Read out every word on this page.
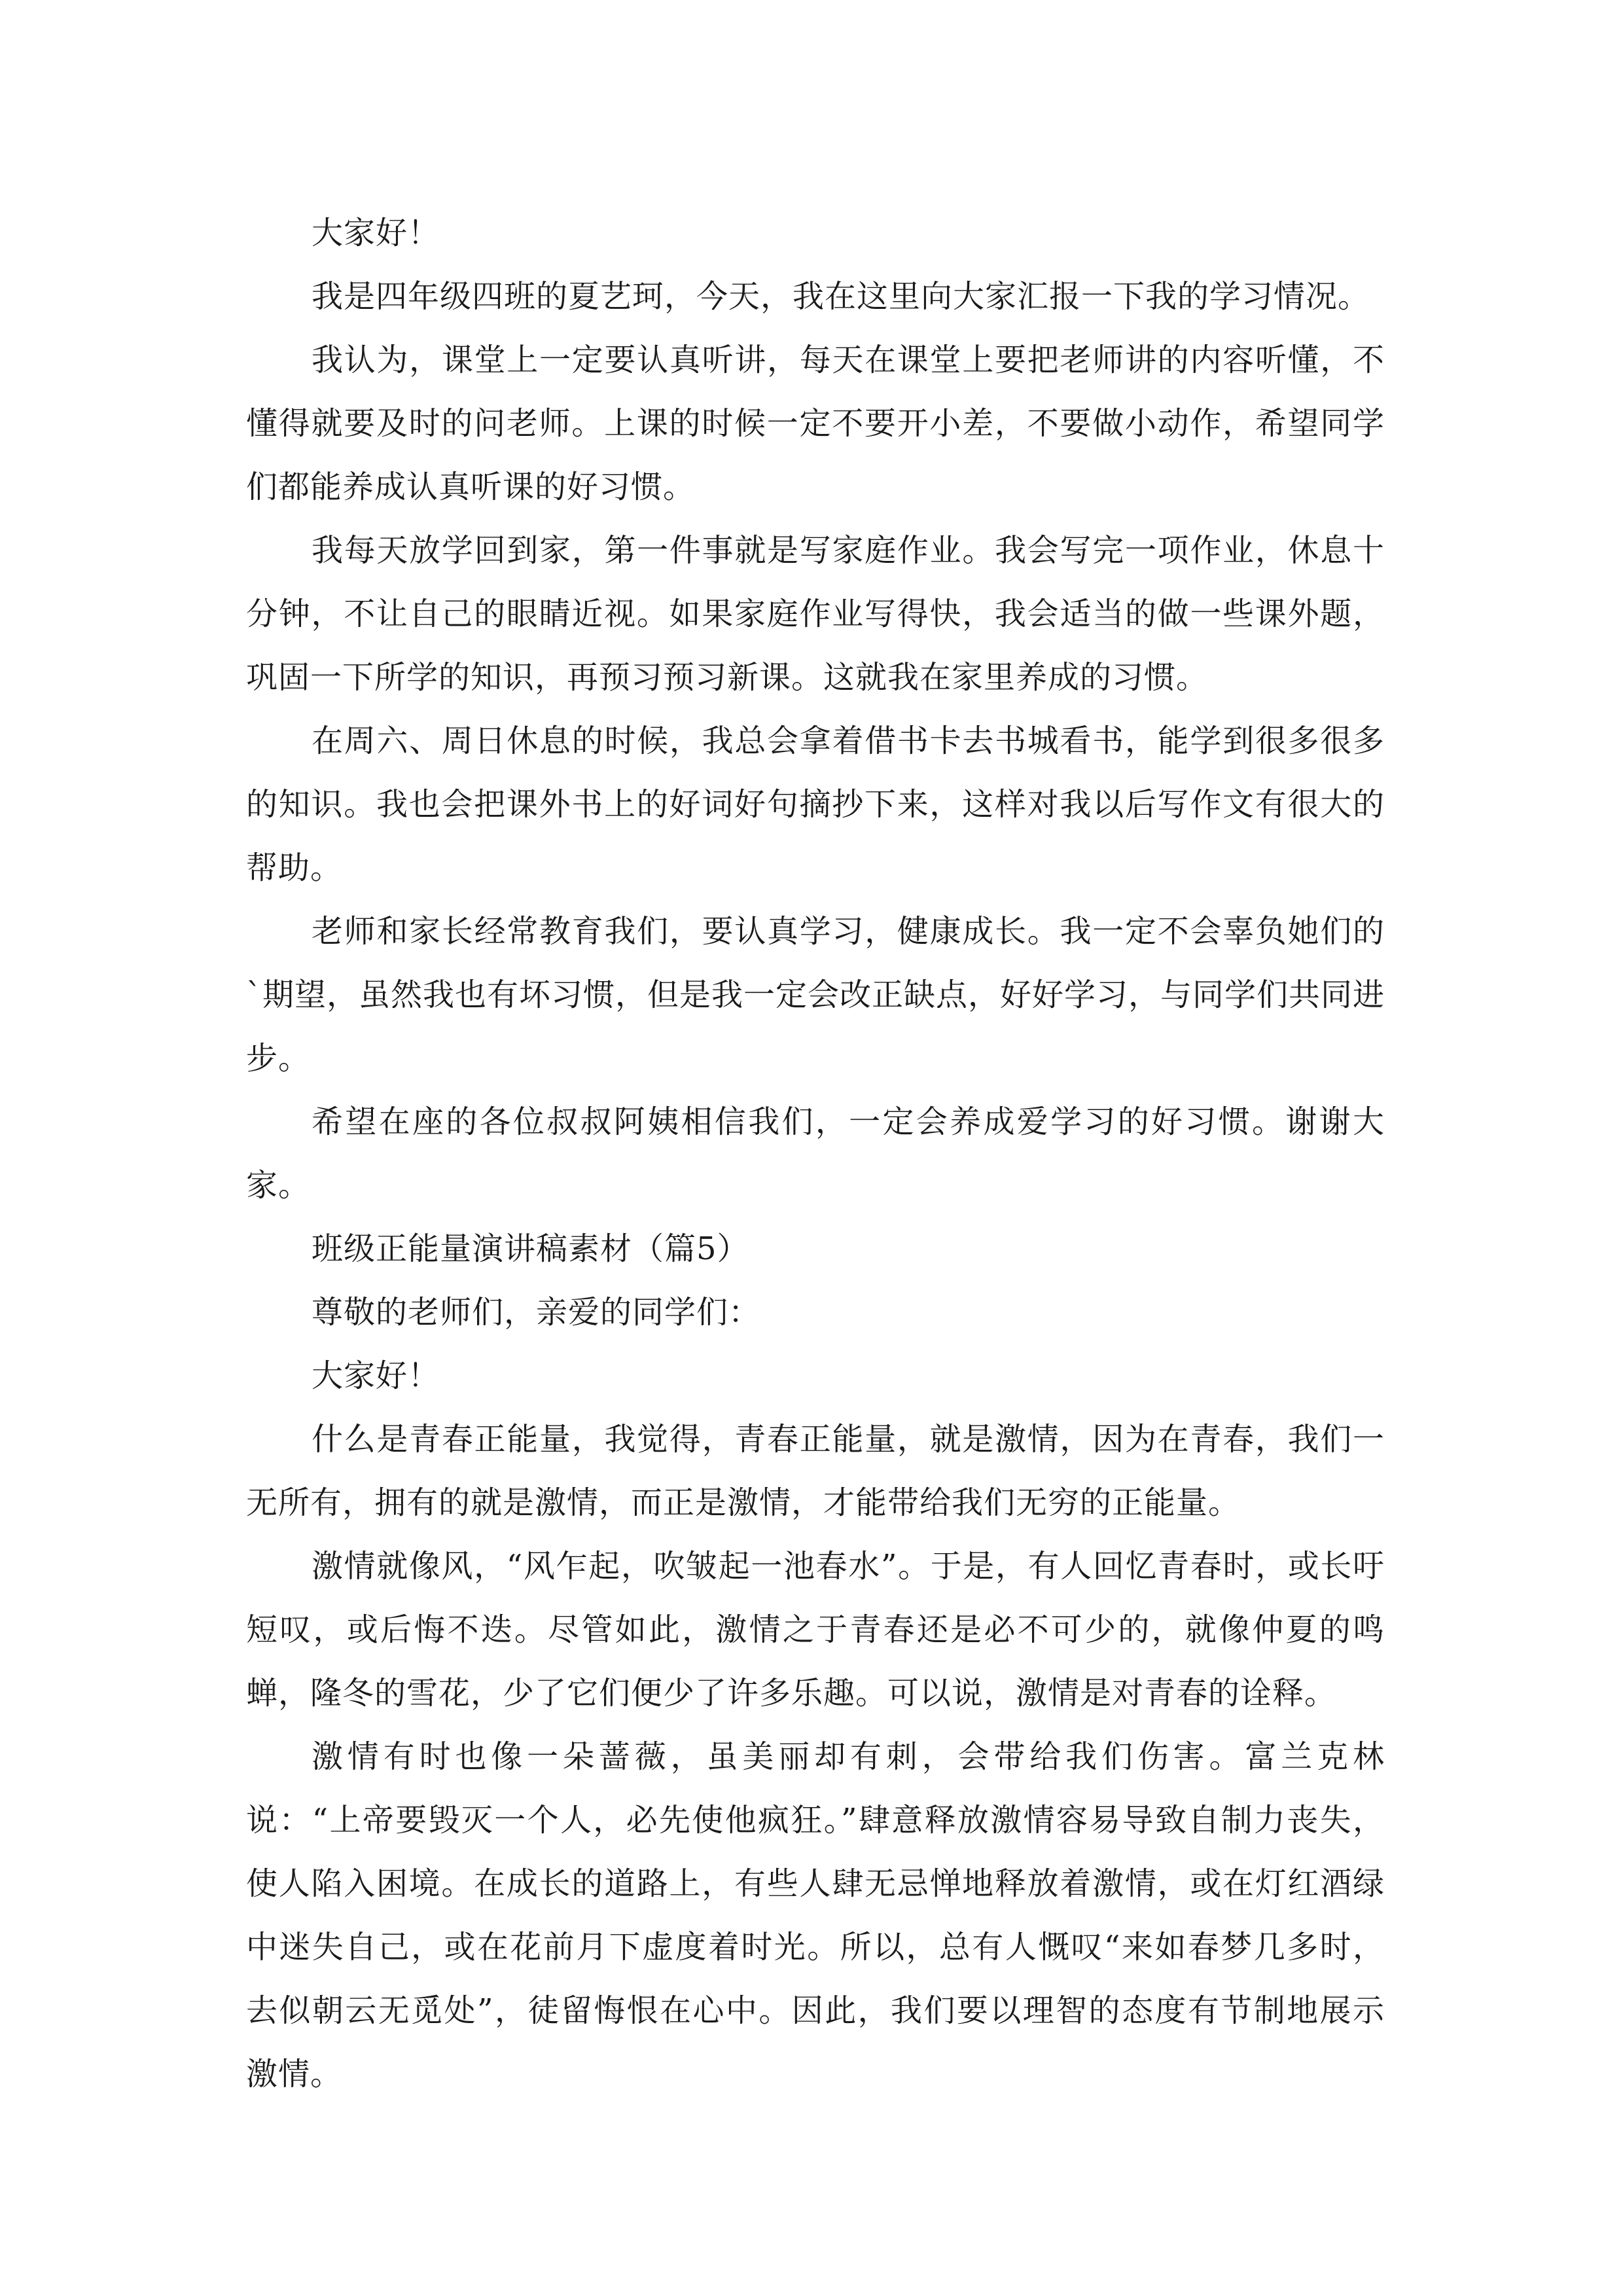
大家好！

我是四年级四班的夏艺珂，今天，我在这里向大家汇报一下我的学习情况。

我认为，课堂上一定要认真听讲，每天在课堂上要把老师讲的内容听懂，不懂得就要及时的问老师。上课的时候一定不要开小差，不要做小动作，希望同学们都能养成认真听课的好习惯。

我每天放学回到家，第一件事就是写家庭作业。我会写完一项作业，休息十分钟，不让自己的眼睛近视。如果家庭作业写得快，我会适当的做一些课外题，巩固一下所学的知识，再预习预习新课。这就我在家里养成的习惯。

在周六、周日休息的时候，我总会拿着借书卡去书城看书，能学到很多很多的知识。我也会把课外书上的好词好句摘抄下来，这样对我以后写作文有很大的帮助。

老师和家长经常教育我们，要认真学习，健康成长。我一定不会辜负她们的`期望，虽然我也有坏习惯，但是我一定会改正缺点，好好学习，与同学们共同进步。

希望在座的各位叔叔阿姨相信我们，一定会养成爱学习的好习惯。谢谢大家。

班级正能量演讲稿素材（篇5）

尊敬的老师们，亲爱的同学们：

大家好！

什么是青春正能量，我觉得，青春正能量，就是激情，因为在青春，我们一无所有，拥有的就是激情，而正是激情，才能带给我们无穷的正能量。

激情就像风，“风乍起，吹皱起一池春水”。于是，有人回忆青春时，或长吁短叹，或后悔不迭。尽管如此，激情之于青春还是必不可少的，就像仲夏的鸣蝉，隆冬的雪花，少了它们便少了许多乐趣。可以说，激情是对青春的诠释。

激情有时也像一朵蔷薇，虽美丽却有刺，会带给我们伤害。富兰克林说：“上帝要毁灭一个人，必先使他疯狂。”肆意释放激情容易导致自制力丧失，使人陷入困境。在成长的道路上，有些人肆无忌惮地释放着激情，或在灯红酒绿中迷失自己，或在花前月下虚度着时光。所以，总有人慨叹“来如春梦几多时，去似朝云无觅处”，徒留悔恨在心中。因此，我们要以理智的态度有节制地展示激情。
